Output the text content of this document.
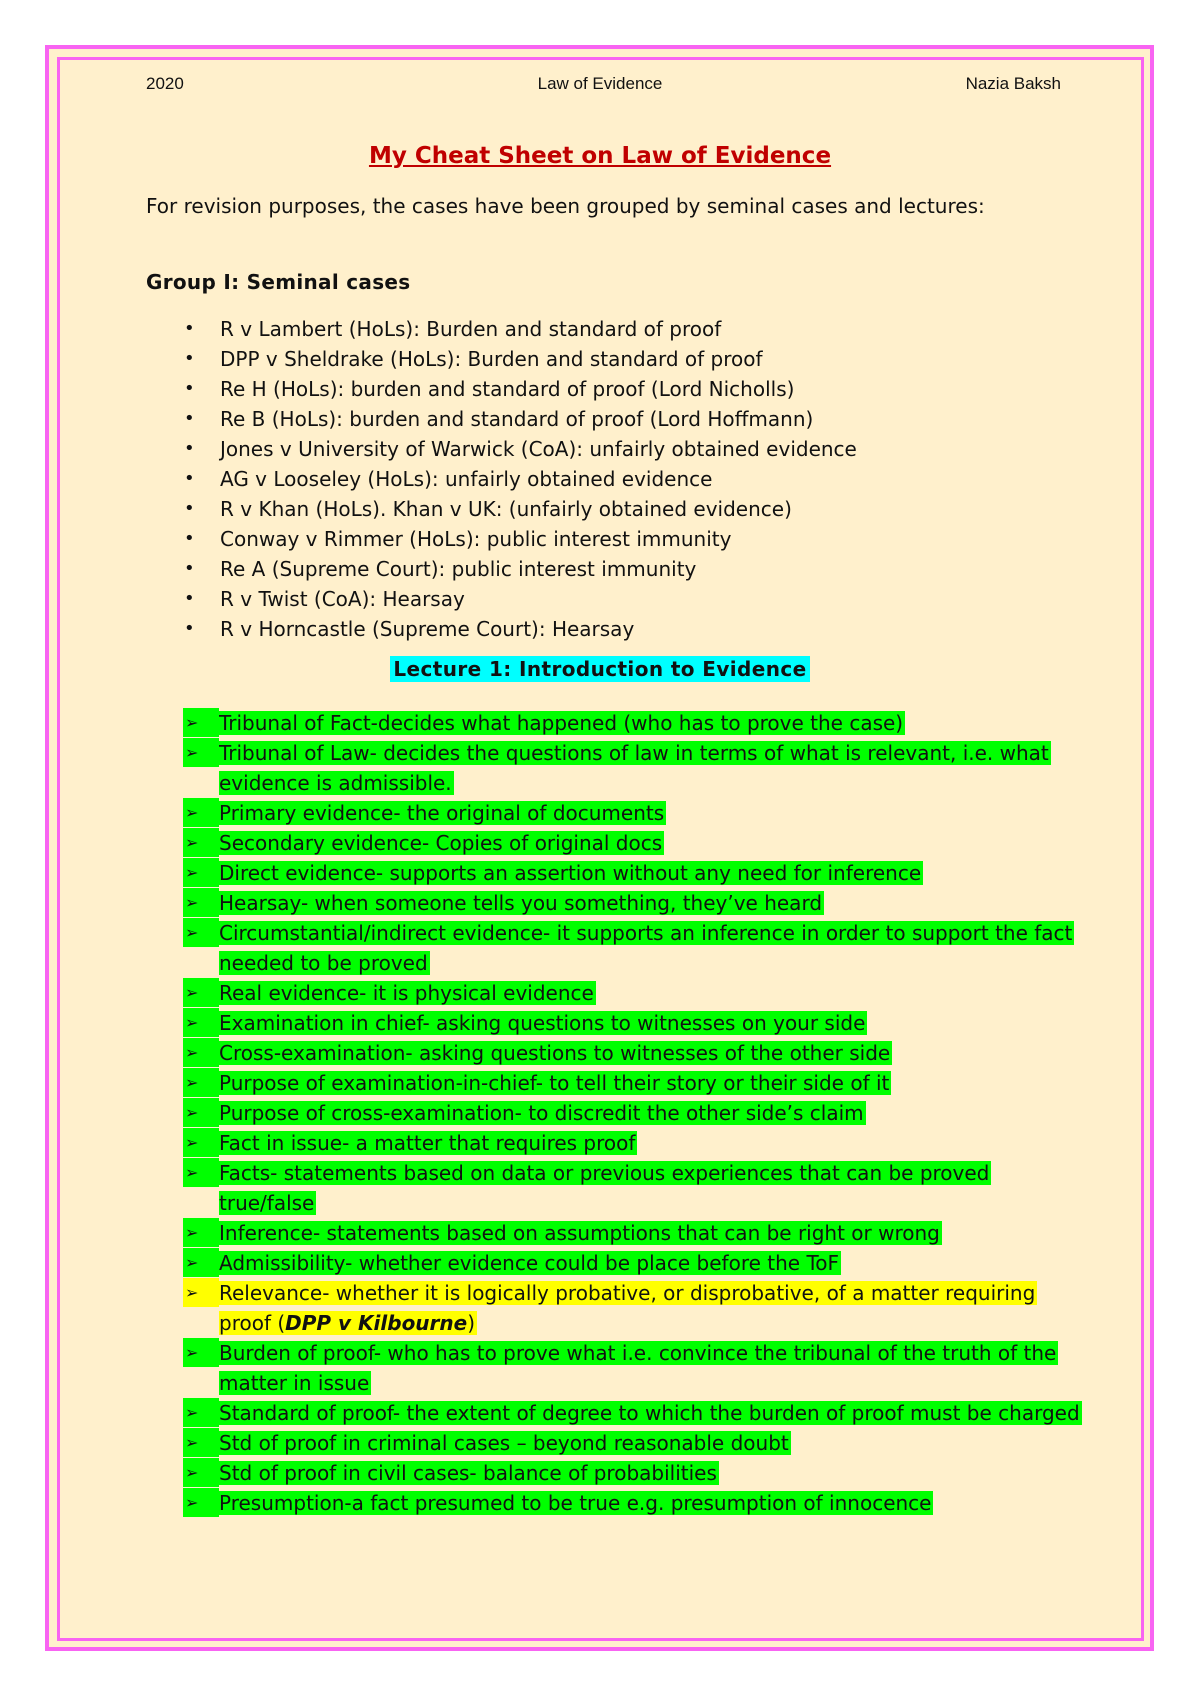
2020	Law of Evidence	Nazia Baksh
My Cheat Sheet on Law of Evidence
For revision purposes, the cases have been grouped by seminal cases and lectures:
Group I: Seminal cases
• R v Lambert (HoLs): Burden and standard of proof
• DPP v Sheldrake (HoLs): Burden and standard of proof
• Re H (HoLs): burden and standard of proof (Lord Nicholls)
• Re B (HoLs): burden and standard of proof (Lord Hoffmann)
• Jones v University of Warwick (CoA): unfairly obtained evidence
• AG v Looseley (HoLs): unfairly obtained evidence
• R v Khan (HoLs). Khan v UK: (unfairly obtained evidence)
• Conway v Rimmer (HoLs): public interest immunity
• Re A (Supreme Court): public interest immunity
• R v Twist (CoA): Hearsay
• R v Horncastle (Supreme Court): Hearsay
Lecture 1: Introduction to Evidence
➢	Tribunal of Fact-decides what happened (who has to prove the case)
➢	Tribunal of Law- decides the questions of law in terms of what is relevant, i.e. what evidence is admissible.
➢	Primary evidence- the original of documents
➢	Secondary evidence- Copies of original docs
➢	Direct evidence- supports an assertion without any need for inference
➢	Hearsay- when someone tells you something, they’ve heard
➢	Circumstantial/indirect evidence- it supports an inference in order to support the fact needed to be proved
➢	Real evidence- it is physical evidence
➢	Examination in chief- asking questions to witnesses on your side
➢	Cross-examination- asking questions to witnesses of the other side
➢	Purpose of examination-in-chief- to tell their story or their side of it
➢	Purpose of cross-examination- to discredit the other side’s claim
➢	Fact in issue- a matter that requires proof
➢	Facts- statements based on data or previous experiences that can be proved true/false
➢	Inference- statements based on assumptions that can be right or wrong
➢	Admissibility- whether evidence could be place before the ToF
➢	Relevance- whether it is logically probative, or disprobative, of a matter requiring proof (DPP v Kilbourne)
➢	Burden of proof- who has to prove what i.e. convince the tribunal of the truth of the matter in issue
➢	Standard of proof- the extent of degree to which the burden of proof must be charged
➢	Std of proof in criminal cases – beyond reasonable doubt
➢	Std of proof in civil cases- balance of probabilities
➢	Presumption-a fact presumed to be true e.g. presumption of innocence
